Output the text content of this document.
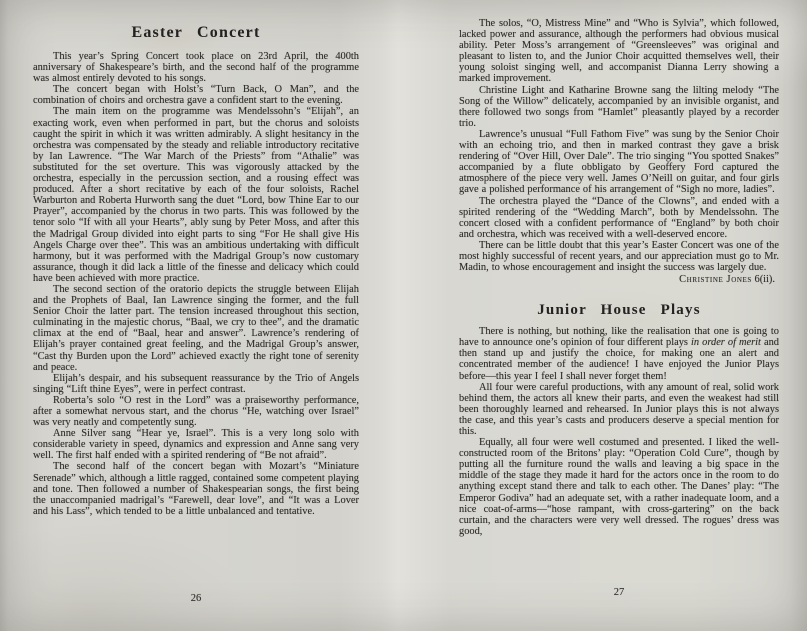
Easter Concert

This year’s Spring Concert took place on 23rd April, the 400th anniversary of Shakespeare’s birth, and the second half of the programme was almost entirely devoted to his songs.

The concert began with Holst’s “Turn Back, O Man”, and the combination of choirs and orchestra gave a confident start to the evening.

The main item on the programme was Mendelssohn’s “Elijah”, an exacting work, even when performed in part, but the chorus and soloists caught the spirit in which it was written admirably. A slight hesitancy in the orchestra was compensated by the steady and reliable introductory recitative by Ian Lawrence. “The War March of the Priests” from “Athalie” was substituted for the set overture. This was vigorously attacked by the orchestra, especially in the percussion section, and a rousing effect was produced. After a short recitative by each of the four soloists, Rachel Warburton and Roberta Hurworth sang the duet “Lord, bow Thine Ear to our Prayer”, accompanied by the chorus in two parts. This was followed by the tenor solo “If with all your Hearts”, ably sung by Peter Moss, and after this the Madrigal Group divided into eight parts to sing “For He shall give His Angels Charge over thee”. This was an ambitious undertaking with difficult harmony, but it was performed with the Madrigal Group’s now customary assurance, though it did lack a little of the finesse and delicacy which could have been achieved with more practice.

The second section of the oratorio depicts the struggle between Elijah and the Prophets of Baal, Ian Lawrence singing the former, and the full Senior Choir the latter part. The tension increased throughout this section, culminating in the majestic chorus, “Baal, we cry to thee”, and the dramatic climax at the end of “Baal, hear and answer”. Lawrence’s rendering of Elijah’s prayer contained great feeling, and the Madrigal Group’s answer, “Cast thy Burden upon the Lord” achieved exactly the right tone of serenity and peace.

Elijah’s despair, and his subsequent reassurance by the Trio of Angels singing “Lift thine Eyes”, were in perfect contrast.

Roberta’s solo “O rest in the Lord” was a praiseworthy performance, after a somewhat nervous start, and the chorus “He, watching over Israel” was very neatly and competently sung.

Anne Silver sang “Hear ye, Israel”. This is a very long solo with considerable variety in speed, dynamics and expression and Anne sang very well. The first half ended with a spirited rendering of “Be not afraid”.

The second half of the concert began with Mozart’s “Miniature Serenade” which, although a little ragged, contained some competent playing and tone. Then followed a number of Shakespearian songs, the first being the unaccompanied madrigal’s “Farewell, dear love”, and “It was a Lover and his Lass”, which tended to be a little unbalanced and tentative.

26

The solos, “O, Mistress Mine” and “Who is Sylvia”, which followed, lacked power and assurance, although the performers had obvious musical ability. Peter Moss’s arrangement of “Greensleeves” was original and pleasant to listen to, and the Junior Choir acquitted themselves well, their young soloist singing well, and accompanist Dianna Lerry showing a marked improvement.

Christine Light and Katharine Browne sang the lilting melody “The Song of the Willow” delicately, accompanied by an invisible organist, and there followed two songs from “Hamlet” pleasantly played by a recorder trio.

Lawrence’s unusual “Full Fathom Five” was sung by the Senior Choir with an echoing trio, and then in marked contrast they gave a brisk rendering of “Over Hill, Over Dale”. The trio singing “You spotted Snakes” accompanied by a flute obbligato by Geoffery Ford captured the atmosphere of the piece very well. James O’Neill on guitar, and four girls gave a polished performance of his arrangement of “Sigh no more, ladies”.

The orchestra played the “Dance of the Clowns”, and ended with a spirited rendering of the “Wedding March”, both by Mendelssohn. The concert closed with a confident performance of “England” by both choir and orchestra, which was received with a well-deserved encore.

There can be little doubt that this year’s Easter Concert was one of the most highly successful of recent years, and our appreciation must go to Mr. Madin, to whose encouragement and insight the success was largely due.

Christine Jones 6(ii).
Junior House Plays

There is nothing, but nothing, like the realisation that one is going to have to announce one’s opinion of four different plays in order of merit and then stand up and justify the choice, for making one an alert and concentrated member of the audience! I have enjoyed the Junior Plays before—this year I feel I shall never forget them!

All four were careful productions, with any amount of real, solid work behind them, the actors all knew their parts, and even the weakest had still been thoroughly learned and rehearsed. In Junior plays this is not always the case, and this year’s casts and producers deserve a special mention for this.

Equally, all four were well costumed and presented. I liked the well-constructed room of the Britons’ play: “Operation Cold Cure”, though by putting all the furniture round the walls and leaving a big space in the middle of the stage they made it hard for the actors once in the room to do anything except stand there and talk to each other. The Danes’ play: “The Emperor Godiva” had an adequate set, with a rather inadequate loom, and a nice coat-of-arms—“hose rampant, with cross-gartering” on the back curtain, and the characters were very well dressed. The rogues’ dress was good,

27
